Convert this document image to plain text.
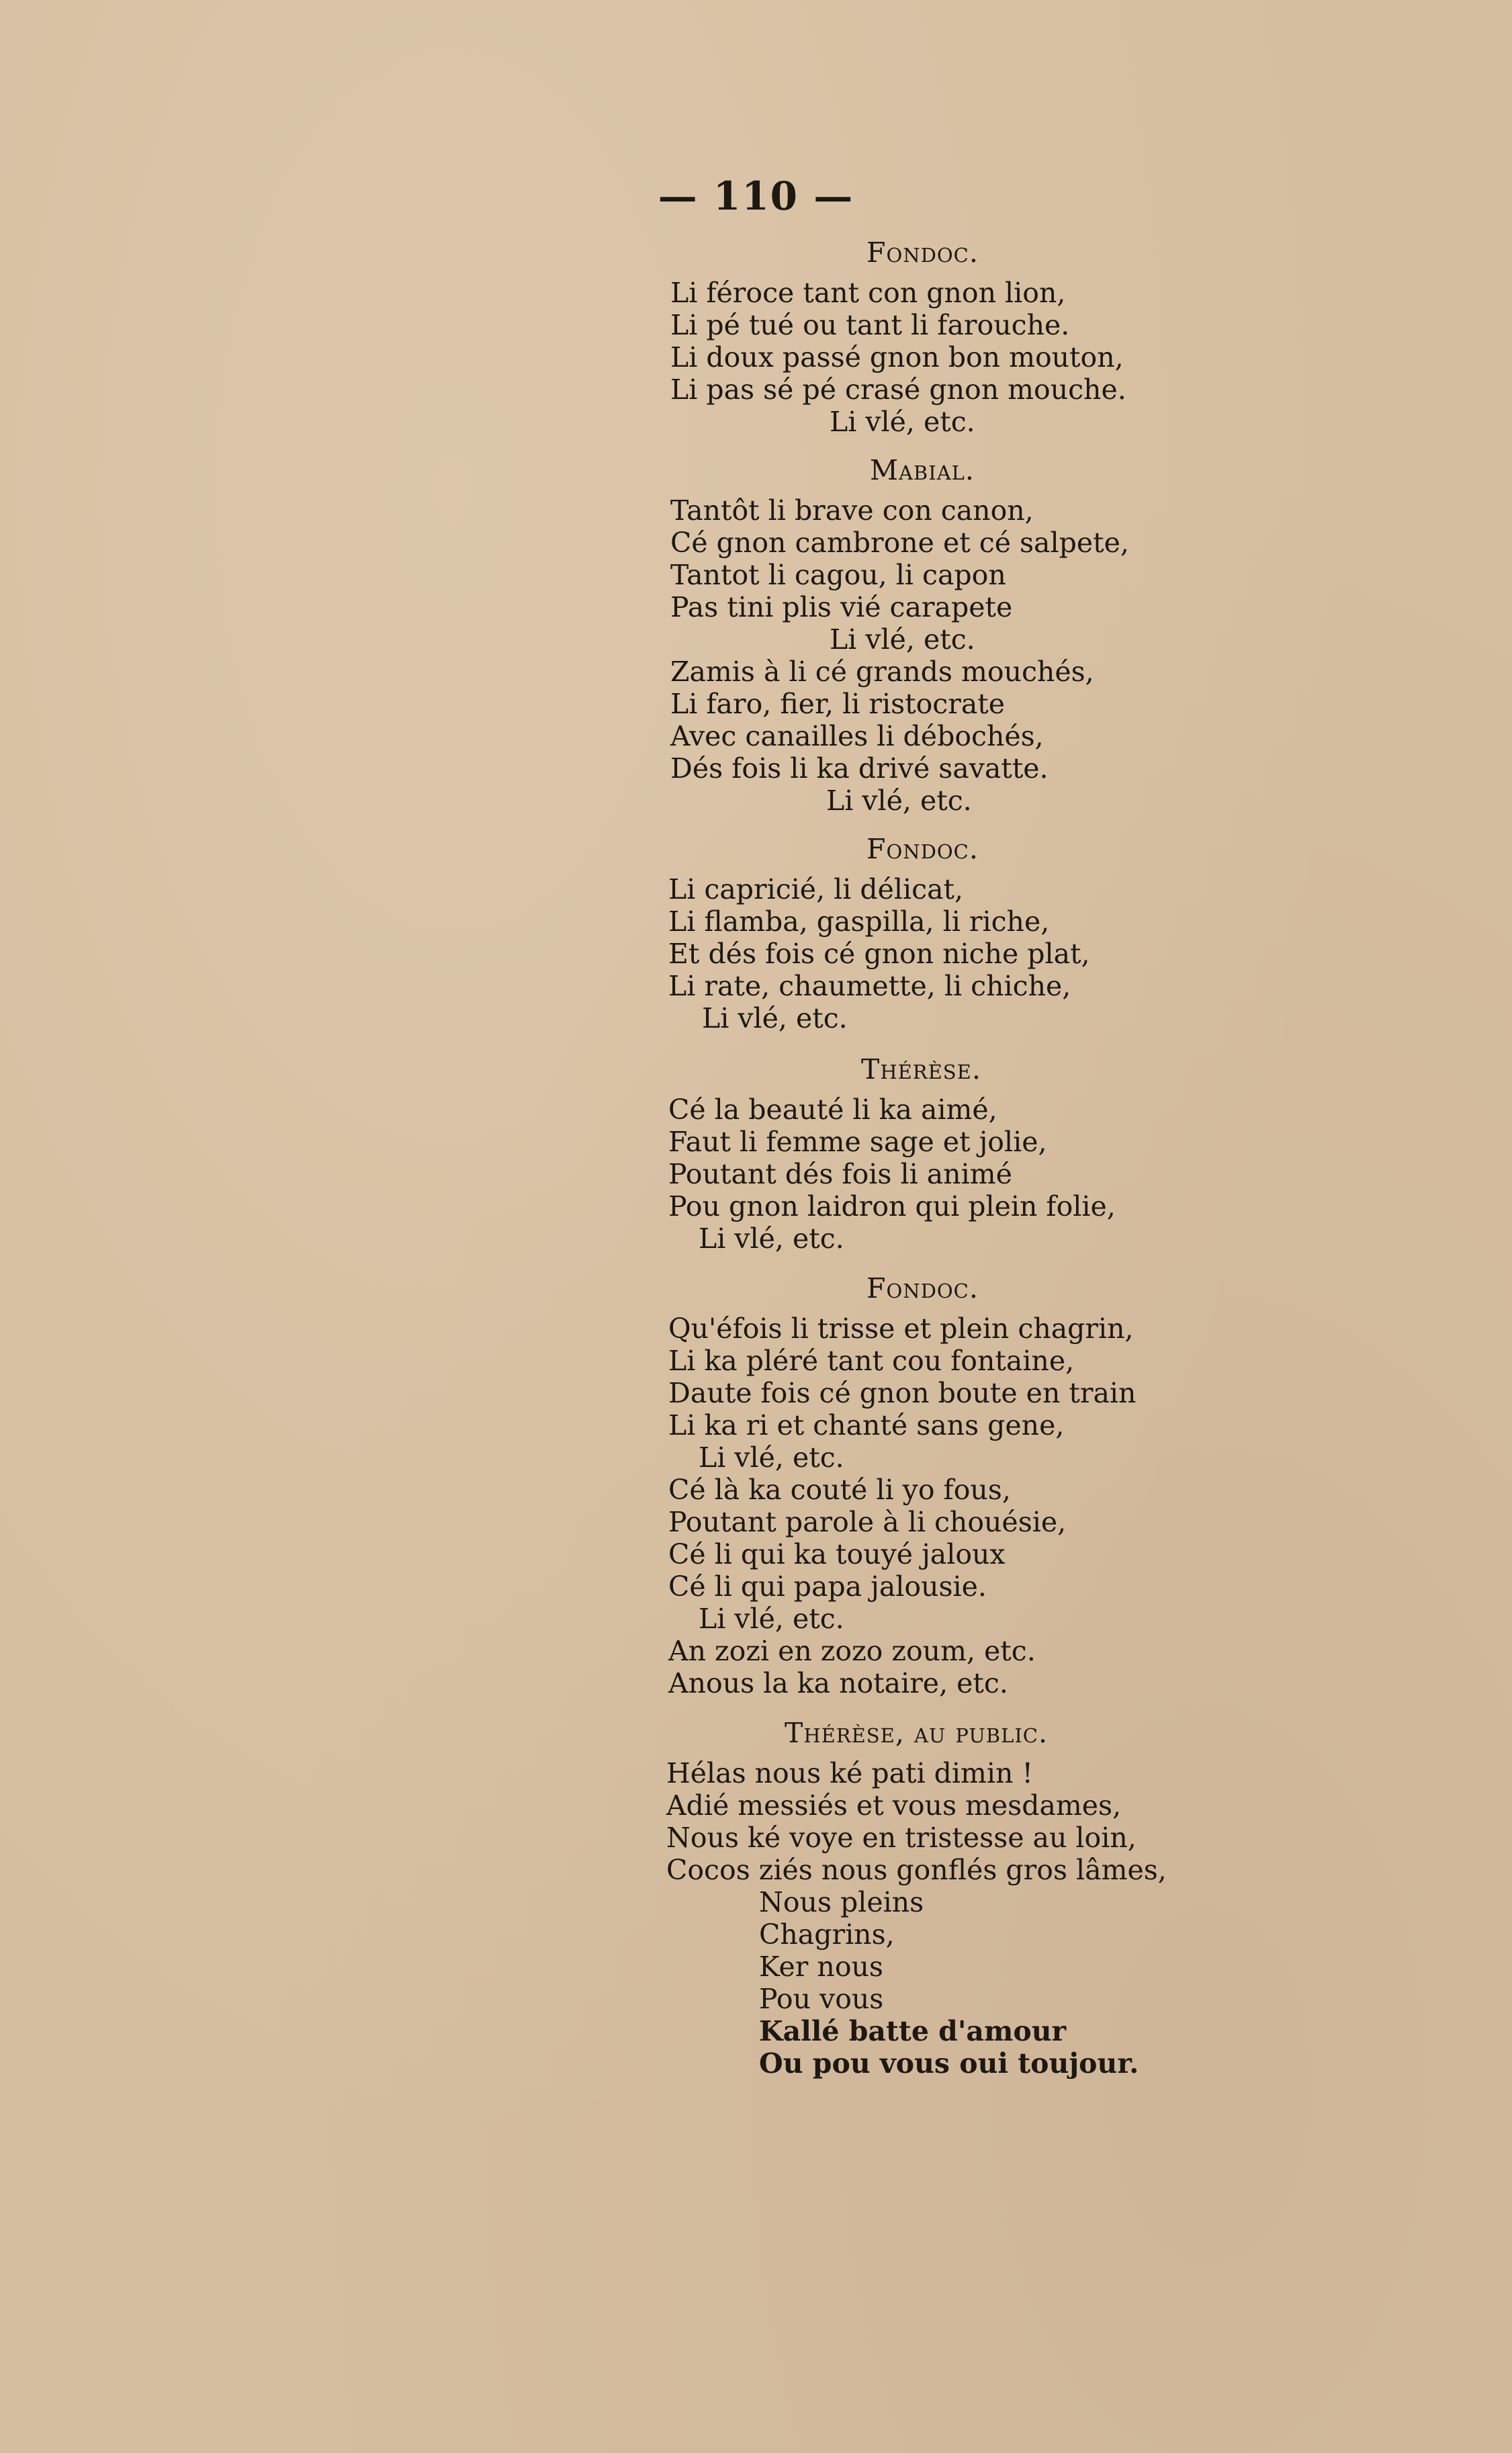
— 110 —
Fondoc.
Li féroce tant con gnon lion,
Li pé tué ou tant li farouche.
Li doux passé gnon bon mouton,
Li pas sé pé crasé gnon mouche.
Li vlé, etc.
Mabial.
Tantôt li brave con canon,
Cé gnon cambrone et cé salpete,
Tantot li cagou, li capon
Pas tini plis vié carapete
Li vlé, etc.
Zamis à li cé grands mouchés,
Li faro, fier, li ristocrate
Avec canailles li débochés,
Dés fois li ka drivé savatte.
Li vlé, etc.
Fondoc.
Li capricié, li délicat,
Li flamba, gaspilla, li riche,
Et dés fois cé gnon niche plat,
Li rate, chaumette, li chiche,
Li vlé, etc.
Thérèse.
Cé la beauté li ka aimé,
Faut li femme sage et jolie,
Poutant dés fois li animé
Pou gnon laidron qui plein folie,
Li vlé, etc.
Fondoc.
Qu'éfois li trisse et plein chagrin,
Li ka pléré tant cou fontaine,
Daute fois cé gnon boute en train
Li ka ri et chanté sans gene,
Li vlé, etc.
Cé là ka couté li yo fous,
Poutant parole à li chouésie,
Cé li qui ka touyé jaloux
Cé li qui papa jalousie.
Li vlé, etc.
An zozi en zozo zoum, etc.
Anous la ka notaire, etc.
Thérèse, au public.
Hélas nous ké pati dimin !
Adié messiés et vous mesdames,
Nous ké voye en tristesse au loin,
Cocos ziés nous gonflés gros lâmes,
Nous pleins
Chagrins,
Ker nous
Pou vous
Kallé batte d'amour
Ou pou vous oui toujour.
